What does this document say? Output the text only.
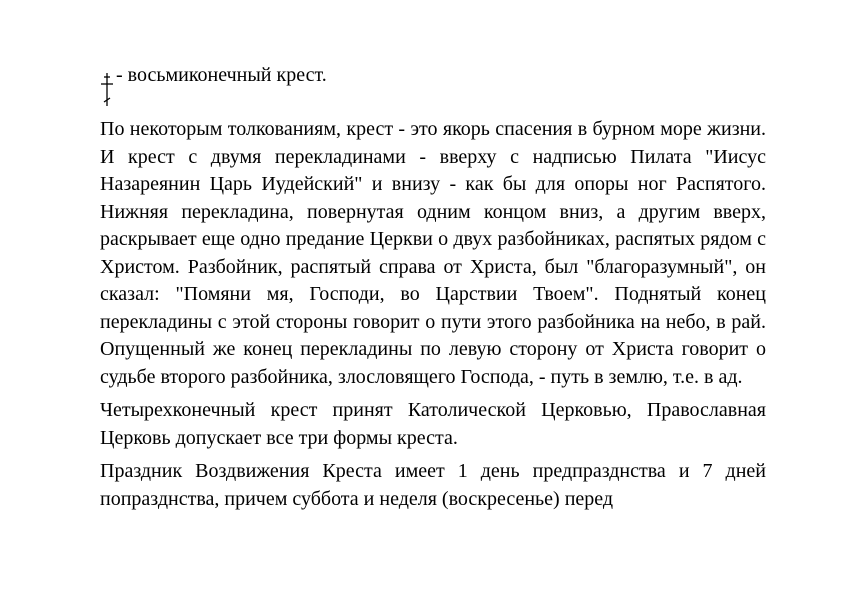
- восьмиконечный крест.

По некоторым толкованиям, крест - это якорь спасения в бурном море жизни. И крест с двумя перекладинами - вверху с надписью Пилата "Иисус Назареянин Царь Иудейский" и внизу - как бы для опоры ног Распятого. Нижняя перекладина, повернутая одним концом вниз, а другим вверх, раскрывает еще одно предание Церкви о двух разбойниках, распятых рядом с Христом. Разбойник, распятый справа от Христа, был "благоразумный", он сказал: "Помяни мя, Господи, во Царствии Твоем". Поднятый конец перекладины с этой стороны говорит о пути этого разбойника на небо, в рай. Опущенный же конец перекладины по левую сторону от Христа говорит о судьбе второго разбойника, злословящего Господа, - путь в землю, т.е. в ад.

Четырехконечный крест принят Католической Церковью, Православная Церковь допускает все три формы креста.

Праздник Воздвижения Креста имеет 1 день предпразднства и 7 дней попразднства, причем суббота и неделя (воскресенье) перед
